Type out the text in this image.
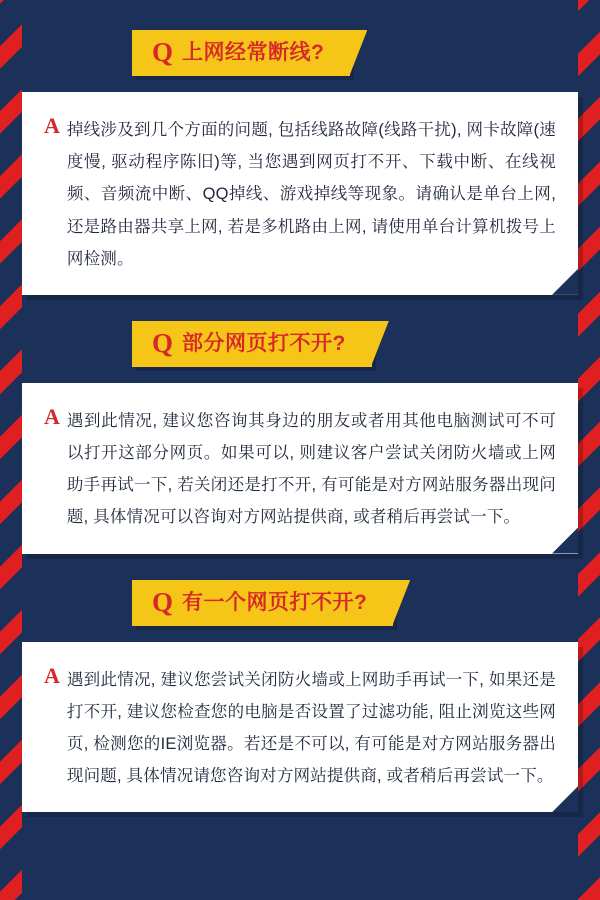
Q 上网经常断线?
A 掉线涉及到几个方面的问题, 包括线路故障(线路干扰), 网卡故障(速度慢, 驱动程序陈旧)等, 当您遇到网页打不开、下载中断、在线视频、音频流中断、QQ掉线、游戏掉线等现象。请确认是单台上网, 还是路由器共享上网, 若是多机路由上网, 请使用单台计算机拨号上网检测。
Q 部分网页打不开?
A 遇到此情况, 建议您咨询其身边的朋友或者用其他电脑测试可不可以打开这部分网页。如果可以, 则建议客户尝试关闭防火墙或上网助手再试一下, 若关闭还是打不开, 有可能是对方网站服务器出现问题, 具体情况可以咨询对方网站提供商, 或者稍后再尝试一下。
Q 有一个网页打不开?
A 遇到此情况, 建议您尝试关闭防火墙或上网助手再试一下, 如果还是打不开, 建议您检查您的电脑是否设置了过滤功能, 阻止浏览这些网页, 检测您的IE浏览器。若还是不可以, 有可能是对方网站服务器出现问题, 具体情况请您咨询对方网站提供商, 或者稍后再尝试一下。
